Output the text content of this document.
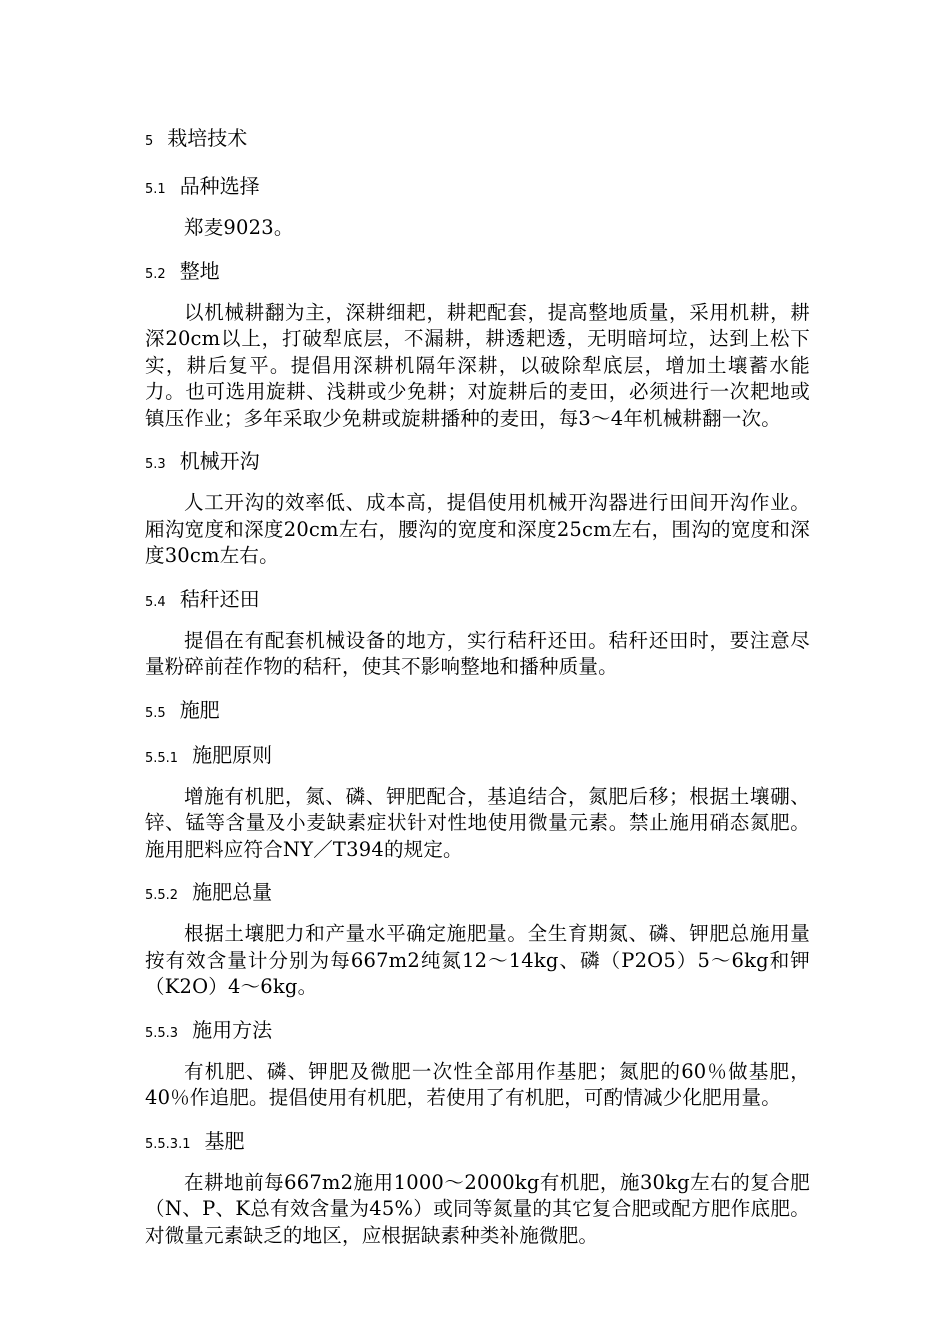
5 栽培技术
5.1 品种选择

郑麦9023。

5.2 整地

以机械耕翻为主，深耕细耙，耕耙配套，提高整地质量，采用机耕，耕深20cm以上，打破犁底层，不漏耕，耕透耙透，无明暗坷垃，达到上松下实，耕后复平。提倡用深耕机隔年深耕，以破除犁底层，增加土壤蓄水能力。也可选用旋耕、浅耕或少免耕；对旋耕后的麦田，必须进行一次耙地或镇压作业；多年采取少免耕或旋耕播种的麦田，每3～4年机械耕翻一次。

5.3 机械开沟

人工开沟的效率低、成本高，提倡使用机械开沟器进行田间开沟作业。厢沟宽度和深度20cm左右，腰沟的宽度和深度25cm左右，围沟的宽度和深度30cm左右。

5.4 秸秆还田

提倡在有配套机械设备的地方，实行秸秆还田。秸秆还田时，要注意尽量粉碎前茬作物的秸秆，使其不影响整地和播种质量。

5.5 施肥
5.5.1 施肥原则

增施有机肥，氮、磷、钾肥配合，基追结合，氮肥后移；根据土壤硼、锌、锰等含量及小麦缺素症状针对性地使用微量元素。禁止施用硝态氮肥。施用肥料应符合NY／T394的规定。

5.5.2 施肥总量

根据土壤肥力和产量水平确定施肥量。全生育期氮、磷、钾肥总施用量按有效含量计分别为每667m2纯氮12～14kg、磷（P2O5）5～6kg和钾（K2O）4～6kg。

5.5.3 施用方法

有机肥、磷、钾肥及微肥一次性全部用作基肥；氮肥的60％做基肥，40％作追肥。提倡使用有机肥，若使用了有机肥，可酌情减少化肥用量。

5.5.3.1 基肥

在耕地前每667m2施用1000～2000kg有机肥，施30kg左右的复合肥（N、P、K总有效含量为45%）或同等氮量的其它复合肥或配方肥作底肥。对微量元素缺乏的地区，应根据缺素种类补施微肥。
